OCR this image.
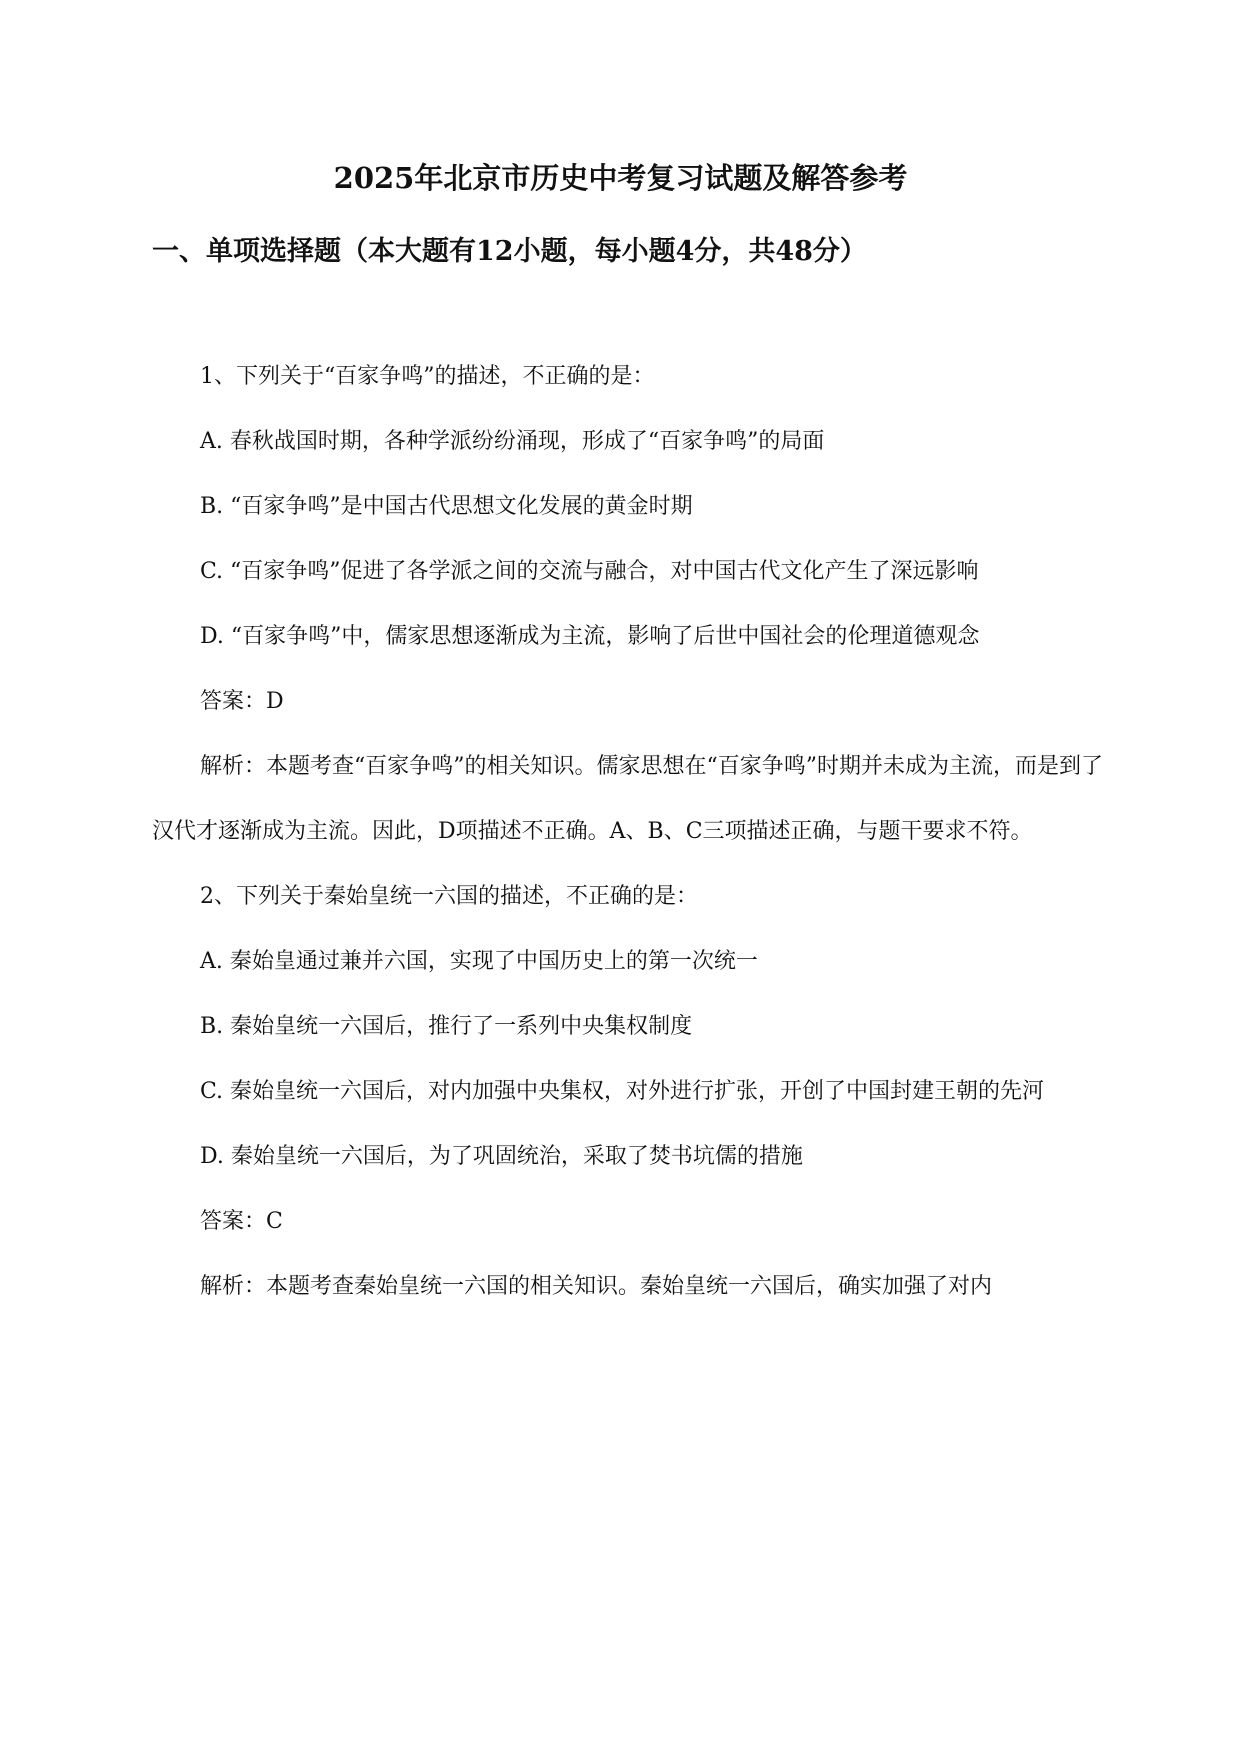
2025年北京市历史中考复习试题及解答参考
一、单项选择题（本大题有12小题，每小题4分，共48分）

1、下列关于“百家争鸣”的描述，不正确的是：

A. 春秋战国时期，各种学派纷纷涌现，形成了“百家争鸣”的局面

B. “百家争鸣”是中国古代思想文化发展的黄金时期

C. “百家争鸣”促进了各学派之间的交流与融合，对中国古代文化产生了深远影响

D. “百家争鸣”中，儒家思想逐渐成为主流，影响了后世中国社会的伦理道德观念

答案：D

解析：本题考查“百家争鸣”的相关知识。儒家思想在“百家争鸣”时期并未成为主流，而是到了汉代才逐渐成为主流。因此，D项描述不正确。A、B、C三项描述正确，与题干要求不符。

2、下列关于秦始皇统一六国的描述，不正确的是：

A. 秦始皇通过兼并六国，实现了中国历史上的第一次统一

B. 秦始皇统一六国后，推行了一系列中央集权制度

C. 秦始皇统一六国后，对内加强中央集权，对外进行扩张，开创了中国封建王朝的先河

D. 秦始皇统一六国后，为了巩固统治，采取了焚书坑儒的措施

答案：C

解析：本题考查秦始皇统一六国的相关知识。秦始皇统一六国后，确实加强了对内
